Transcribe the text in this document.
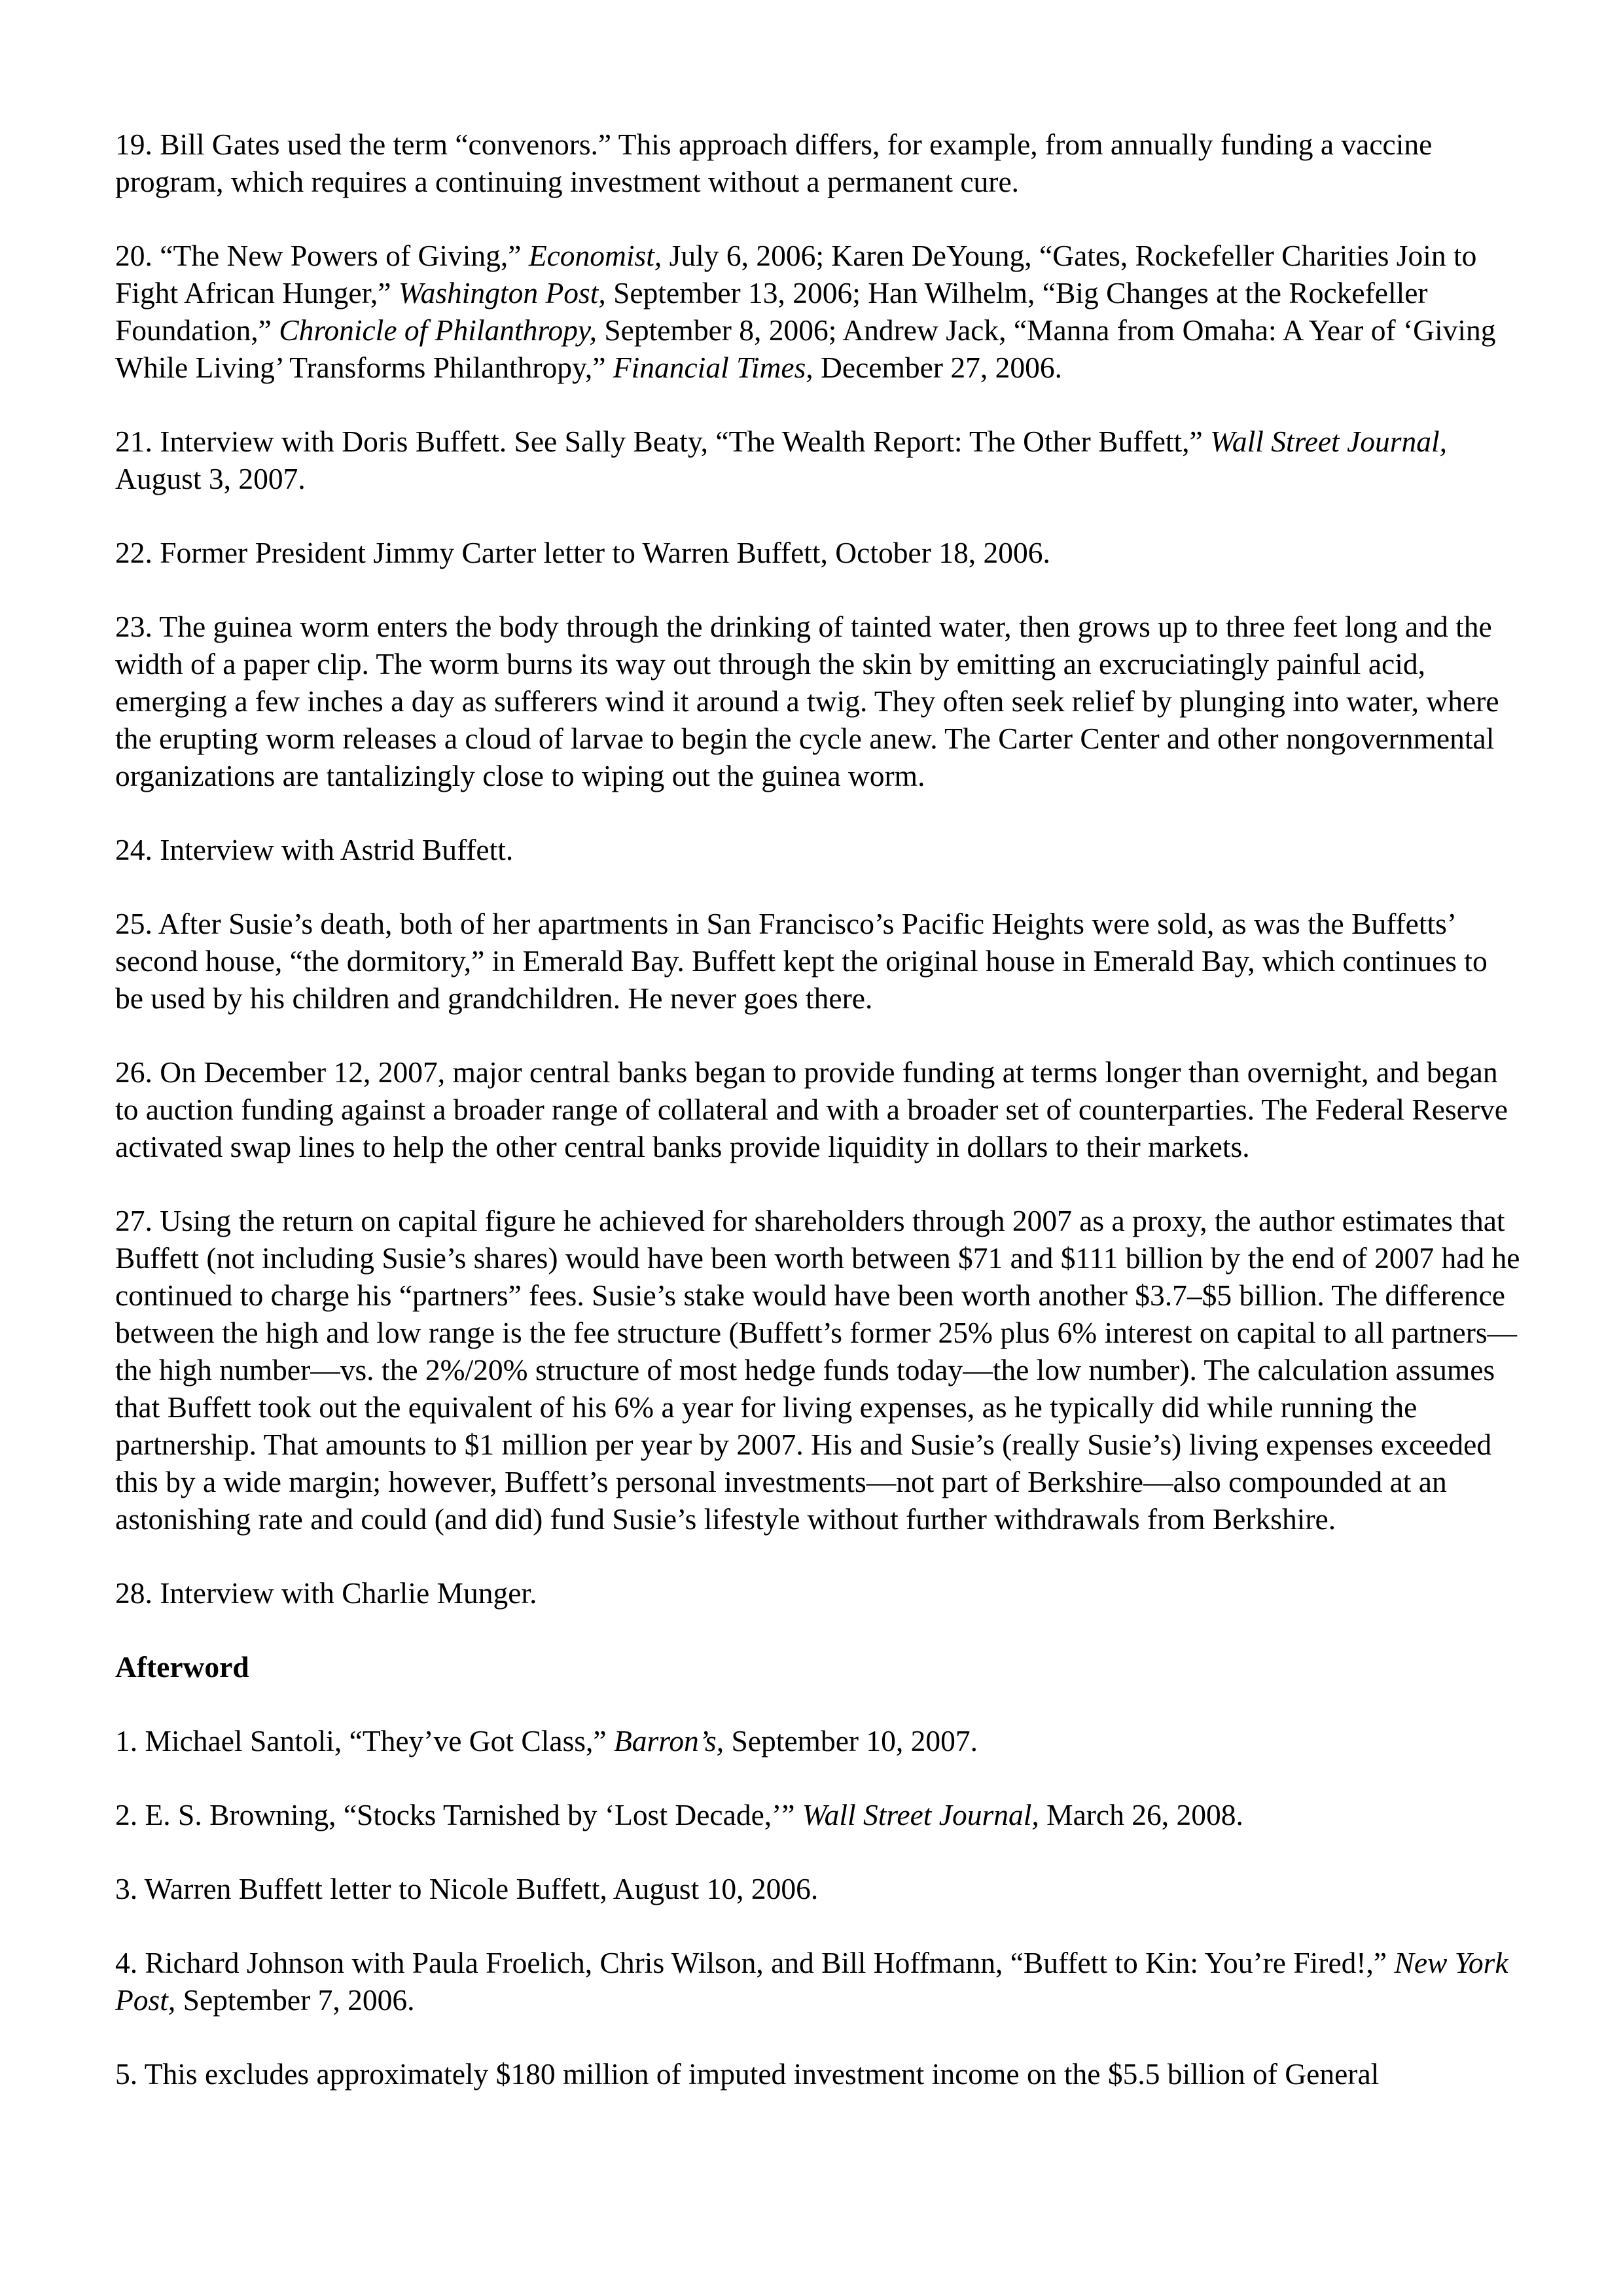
19. Bill Gates used the term “convenors.” This approach differs, for example, from annually funding a vaccine program, which requires a continuing investment without a permanent cure.

20. “The New Powers of Giving,” Economist, July 6, 2006; Karen DeYoung, “Gates, Rockefeller Charities Join to Fight African Hunger,” Washington Post, September 13, 2006; Han Wilhelm, “Big Changes at the Rockefeller Foundation,” Chronicle of Philanthropy, September 8, 2006; Andrew Jack, “Manna from Omaha: A Year of ‘Giving While Living’ Transforms Philanthropy,” Financial Times, December 27, 2006.

21. Interview with Doris Buffett. See Sally Beaty, “The Wealth Report: The Other Buffett,” Wall Street Journal, August 3, 2007.

22. Former President Jimmy Carter letter to Warren Buffett, October 18, 2006.

23. The guinea worm enters the body through the drinking of tainted water, then grows up to three feet long and the width of a paper clip. The worm burns its way out through the skin by emitting an excruciatingly painful acid, emerging a few inches a day as sufferers wind it around a twig. They often seek relief by plunging into water, where the erupting worm releases a cloud of larvae to begin the cycle anew. The Carter Center and other nongovernmental organizations are tantalizingly close to wiping out the guinea worm.

24. Interview with Astrid Buffett.

25. After Susie’s death, both of her apartments in San Francisco’s Pacific Heights were sold, as was the Buffetts’ second house, “the dormitory,” in Emerald Bay. Buffett kept the original house in Emerald Bay, which continues to be used by his children and grandchildren. He never goes there.

26. On December 12, 2007, major central banks began to provide funding at terms longer than overnight, and began to auction funding against a broader range of collateral and with a broader set of counterparties. The Federal Reserve activated swap lines to help the other central banks provide liquidity in dollars to their markets.

27. Using the return on capital figure he achieved for shareholders through 2007 as a proxy, the author estimates that Buffett (not including Susie’s shares) would have been worth between $71 and $111 billion by the end of 2007 had he continued to charge his “partners” fees. Susie’s stake would have been worth another $3.7–$5 billion. The difference between the high and low range is the fee structure (Buffett’s former 25% plus 6% interest on capital to all partners—the high number—vs. the 2%/20% structure of most hedge funds today—the low number). The calculation assumes that Buffett took out the equivalent of his 6% a year for living expenses, as he typically did while running the partnership. That amounts to $1 million per year by 2007. His and Susie’s (really Susie’s) living expenses exceeded this by a wide margin; however, Buffett’s personal investments—not part of Berkshire—also compounded at an astonishing rate and could (and did) fund Susie’s lifestyle without further withdrawals from Berkshire.

28. Interview with Charlie Munger.

Afterword

1. Michael Santoli, “They’ve Got Class,” Barron’s, September 10, 2007.

2. E. S. Browning, “Stocks Tarnished by ‘Lost Decade,’” Wall Street Journal, March 26, 2008.

3. Warren Buffett letter to Nicole Buffett, August 10, 2006.

4. Richard Johnson with Paula Froelich, Chris Wilson, and Bill Hoffmann, “Buffett to Kin: You’re Fired!,” New York Post, September 7, 2006.

5. This excludes approximately $180 million of imputed investment income on the $5.5 billion of General
